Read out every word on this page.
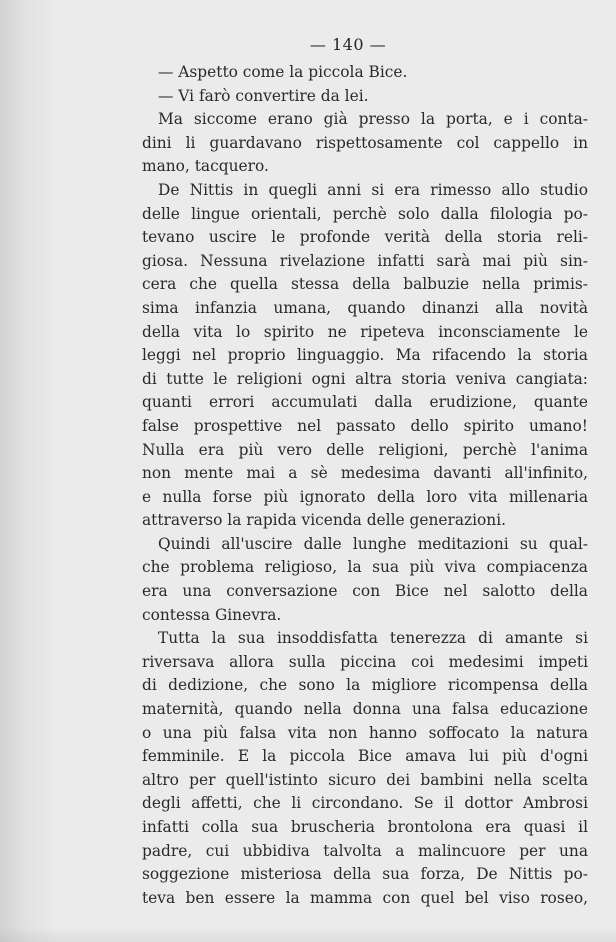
— 140 —
— Aspetto come la piccola Bice.
— Vi farò convertire da lei.
Ma siccome erano già presso la porta, e i conta-
dini li guardavano rispettosamente col cappello in
mano, tacquero.
De Nittis in quegli anni si era rimesso allo studio
delle lingue orientali, perchè solo dalla filologia po-
tevano uscire le profonde verità della storia reli-
giosa. Nessuna rivelazione infatti sarà mai più sin-
cera che quella stessa della balbuzie nella primis-
sima infanzia umana, quando dinanzi alla novità
della vita lo spirito ne ripeteva inconsciamente le
leggi nel proprio linguaggio. Ma rifacendo la storia
di tutte le religioni ogni altra storia veniva cangiata:
quanti errori accumulati dalla erudizione, quante
false prospettive nel passato dello spirito umano!
Nulla era più vero delle religioni, perchè l'anima
non mente mai a sè medesima davanti all'infinito,
e nulla forse più ignorato della loro vita millenaria
attraverso la rapida vicenda delle generazioni.
Quindi all'uscire dalle lunghe meditazioni su qual-
che problema religioso, la sua più viva compiacenza
era una conversazione con Bice nel salotto della
contessa Ginevra.
Tutta la sua insoddisfatta tenerezza di amante si
riversava allora sulla piccina coi medesimi impeti
di dedizione, che sono la migliore ricompensa della
maternità, quando nella donna una falsa educazione
o una più falsa vita non hanno soffocato la natura
femminile. E la piccola Bice amava lui più d'ogni
altro per quell'istinto sicuro dei bambini nella scelta
degli affetti, che li circondano. Se il dottor Ambrosi
infatti colla sua bruscheria brontolona era quasi il
padre, cui ubbidiva talvolta a malincuore per una
soggezione misteriosa della sua forza, De Nittis po-
teva ben essere la mamma con quel bel viso roseo,
